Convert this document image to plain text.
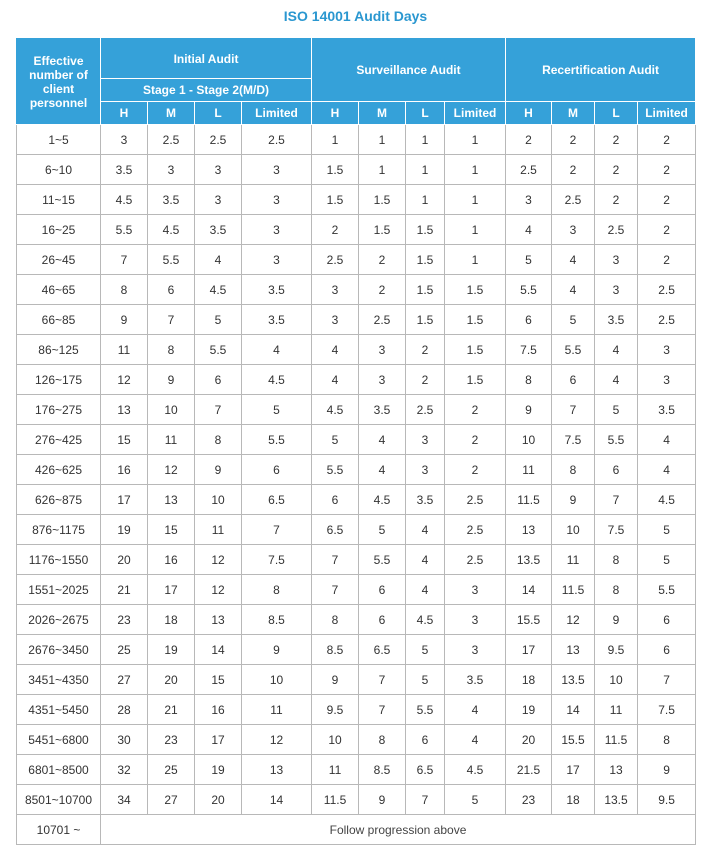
ISO 14001 Audit Days
Effective number of client personnel	Initial Audit				Surveillance Audit				Recertification Audit			
	Stage 1 - Stage 2(M/D)											
	H	M	L	Limited	H	M	L	Limited	H	M	L	Limited
1~5	3	2.5	2.5	2.5	1	1	1	1	2	2	2	2
6~10	3.5	3	3	3	1.5	1	1	1	2.5	2	2	2
11~15	4.5	3.5	3	3	1.5	1.5	1	1	3	2.5	2	2
16~25	5.5	4.5	3.5	3	2	1.5	1.5	1	4	3	2.5	2
26~45	7	5.5	4	3	2.5	2	1.5	1	5	4	3	2
46~65	8	6	4.5	3.5	3	2	1.5	1.5	5.5	4	3	2.5
66~85	9	7	5	3.5	3	2.5	1.5	1.5	6	5	3.5	2.5
86~125	11	8	5.5	4	4	3	2	1.5	7.5	5.5	4	3
126~175	12	9	6	4.5	4	3	2	1.5	8	6	4	3
176~275	13	10	7	5	4.5	3.5	2.5	2	9	7	5	3.5
276~425	15	11	8	5.5	5	4	3	2	10	7.5	5.5	4
426~625	16	12	9	6	5.5	4	3	2	11	8	6	4
626~875	17	13	10	6.5	6	4.5	3.5	2.5	11.5	9	7	4.5
876~1175	19	15	11	7	6.5	5	4	2.5	13	10	7.5	5
1176~1550	20	16	12	7.5	7	5.5	4	2.5	13.5	11	8	5
1551~2025	21	17	12	8	7	6	4	3	14	11.5	8	5.5
2026~2675	23	18	13	8.5	8	6	4.5	3	15.5	12	9	6
2676~3450	25	19	14	9	8.5	6.5	5	3	17	13	9.5	6
3451~4350	27	20	15	10	9	7	5	3.5	18	13.5	10	7
4351~5450	28	21	16	11	9.5	7	5.5	4	19	14	11	7.5
5451~6800	30	23	17	12	10	8	6	4	20	15.5	11.5	8
6801~8500	32	25	19	13	11	8.5	6.5	4.5	21.5	17	13	9
8501~10700	34	27	20	14	11.5	9	7	5	23	18	13.5	9.5
10701 ~	Follow progression above											
